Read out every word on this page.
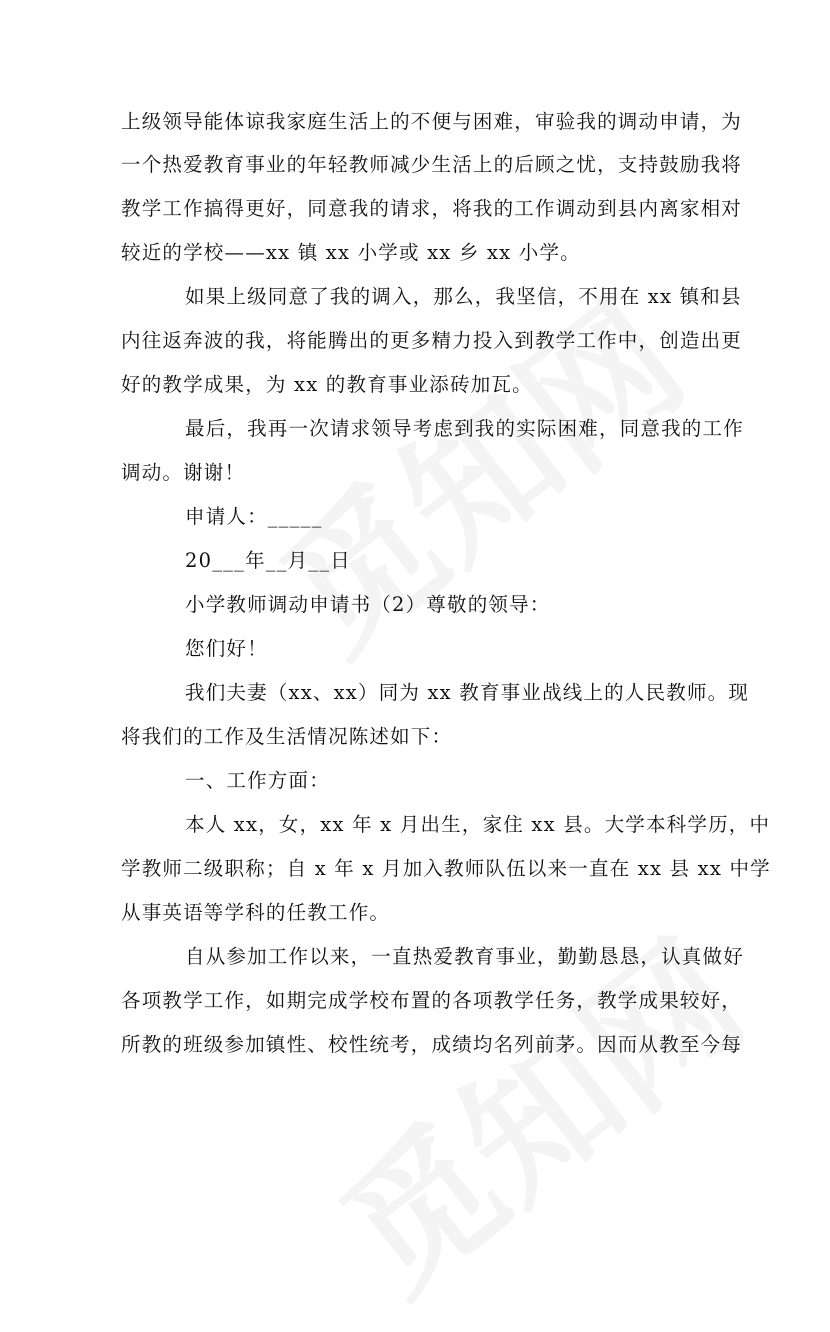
上级领导能体谅我家庭生活上的不便与困难，审验我的调动申请，为
一个热爱教育事业的年轻教师减少生活上的后顾之忧，支持鼓励我将
教学工作搞得更好，同意我的请求，将我的工作调动到县内离家相对
较近的学校——xx 镇 xx 小学或 xx 乡 xx 小学。
如果上级同意了我的调入，那么，我坚信，不用在 xx 镇和县
内往返奔波的我，将能腾出的更多精力投入到教学工作中，创造出更
好的教学成果，为 xx 的教育事业添砖加瓦。
最后，我再一次请求领导考虑到我的实际困难，同意我的工作
调动。谢谢！
申请人：_____
20___年__月__日
小学教师调动申请书（2）尊敬的领导：
您们好！
我们夫妻（xx、xx）同为 xx 教育事业战线上的人民教师。现
将我们的工作及生活情况陈述如下：
一、工作方面：
本人 xx，女，xx 年 x 月出生，家住 xx 县。大学本科学历，中
学教师二级职称；自 x 年 x 月加入教师队伍以来一直在 xx 县 xx 中学
从事英语等学科的任教工作。
自从参加工作以来，一直热爱教育事业，勤勤恳恳，认真做好
各项教学工作，如期完成学校布置的各项教学任务，教学成果较好，
所教的班级参加镇性、校性统考，成绩均名列前茅。因而从教至今每
